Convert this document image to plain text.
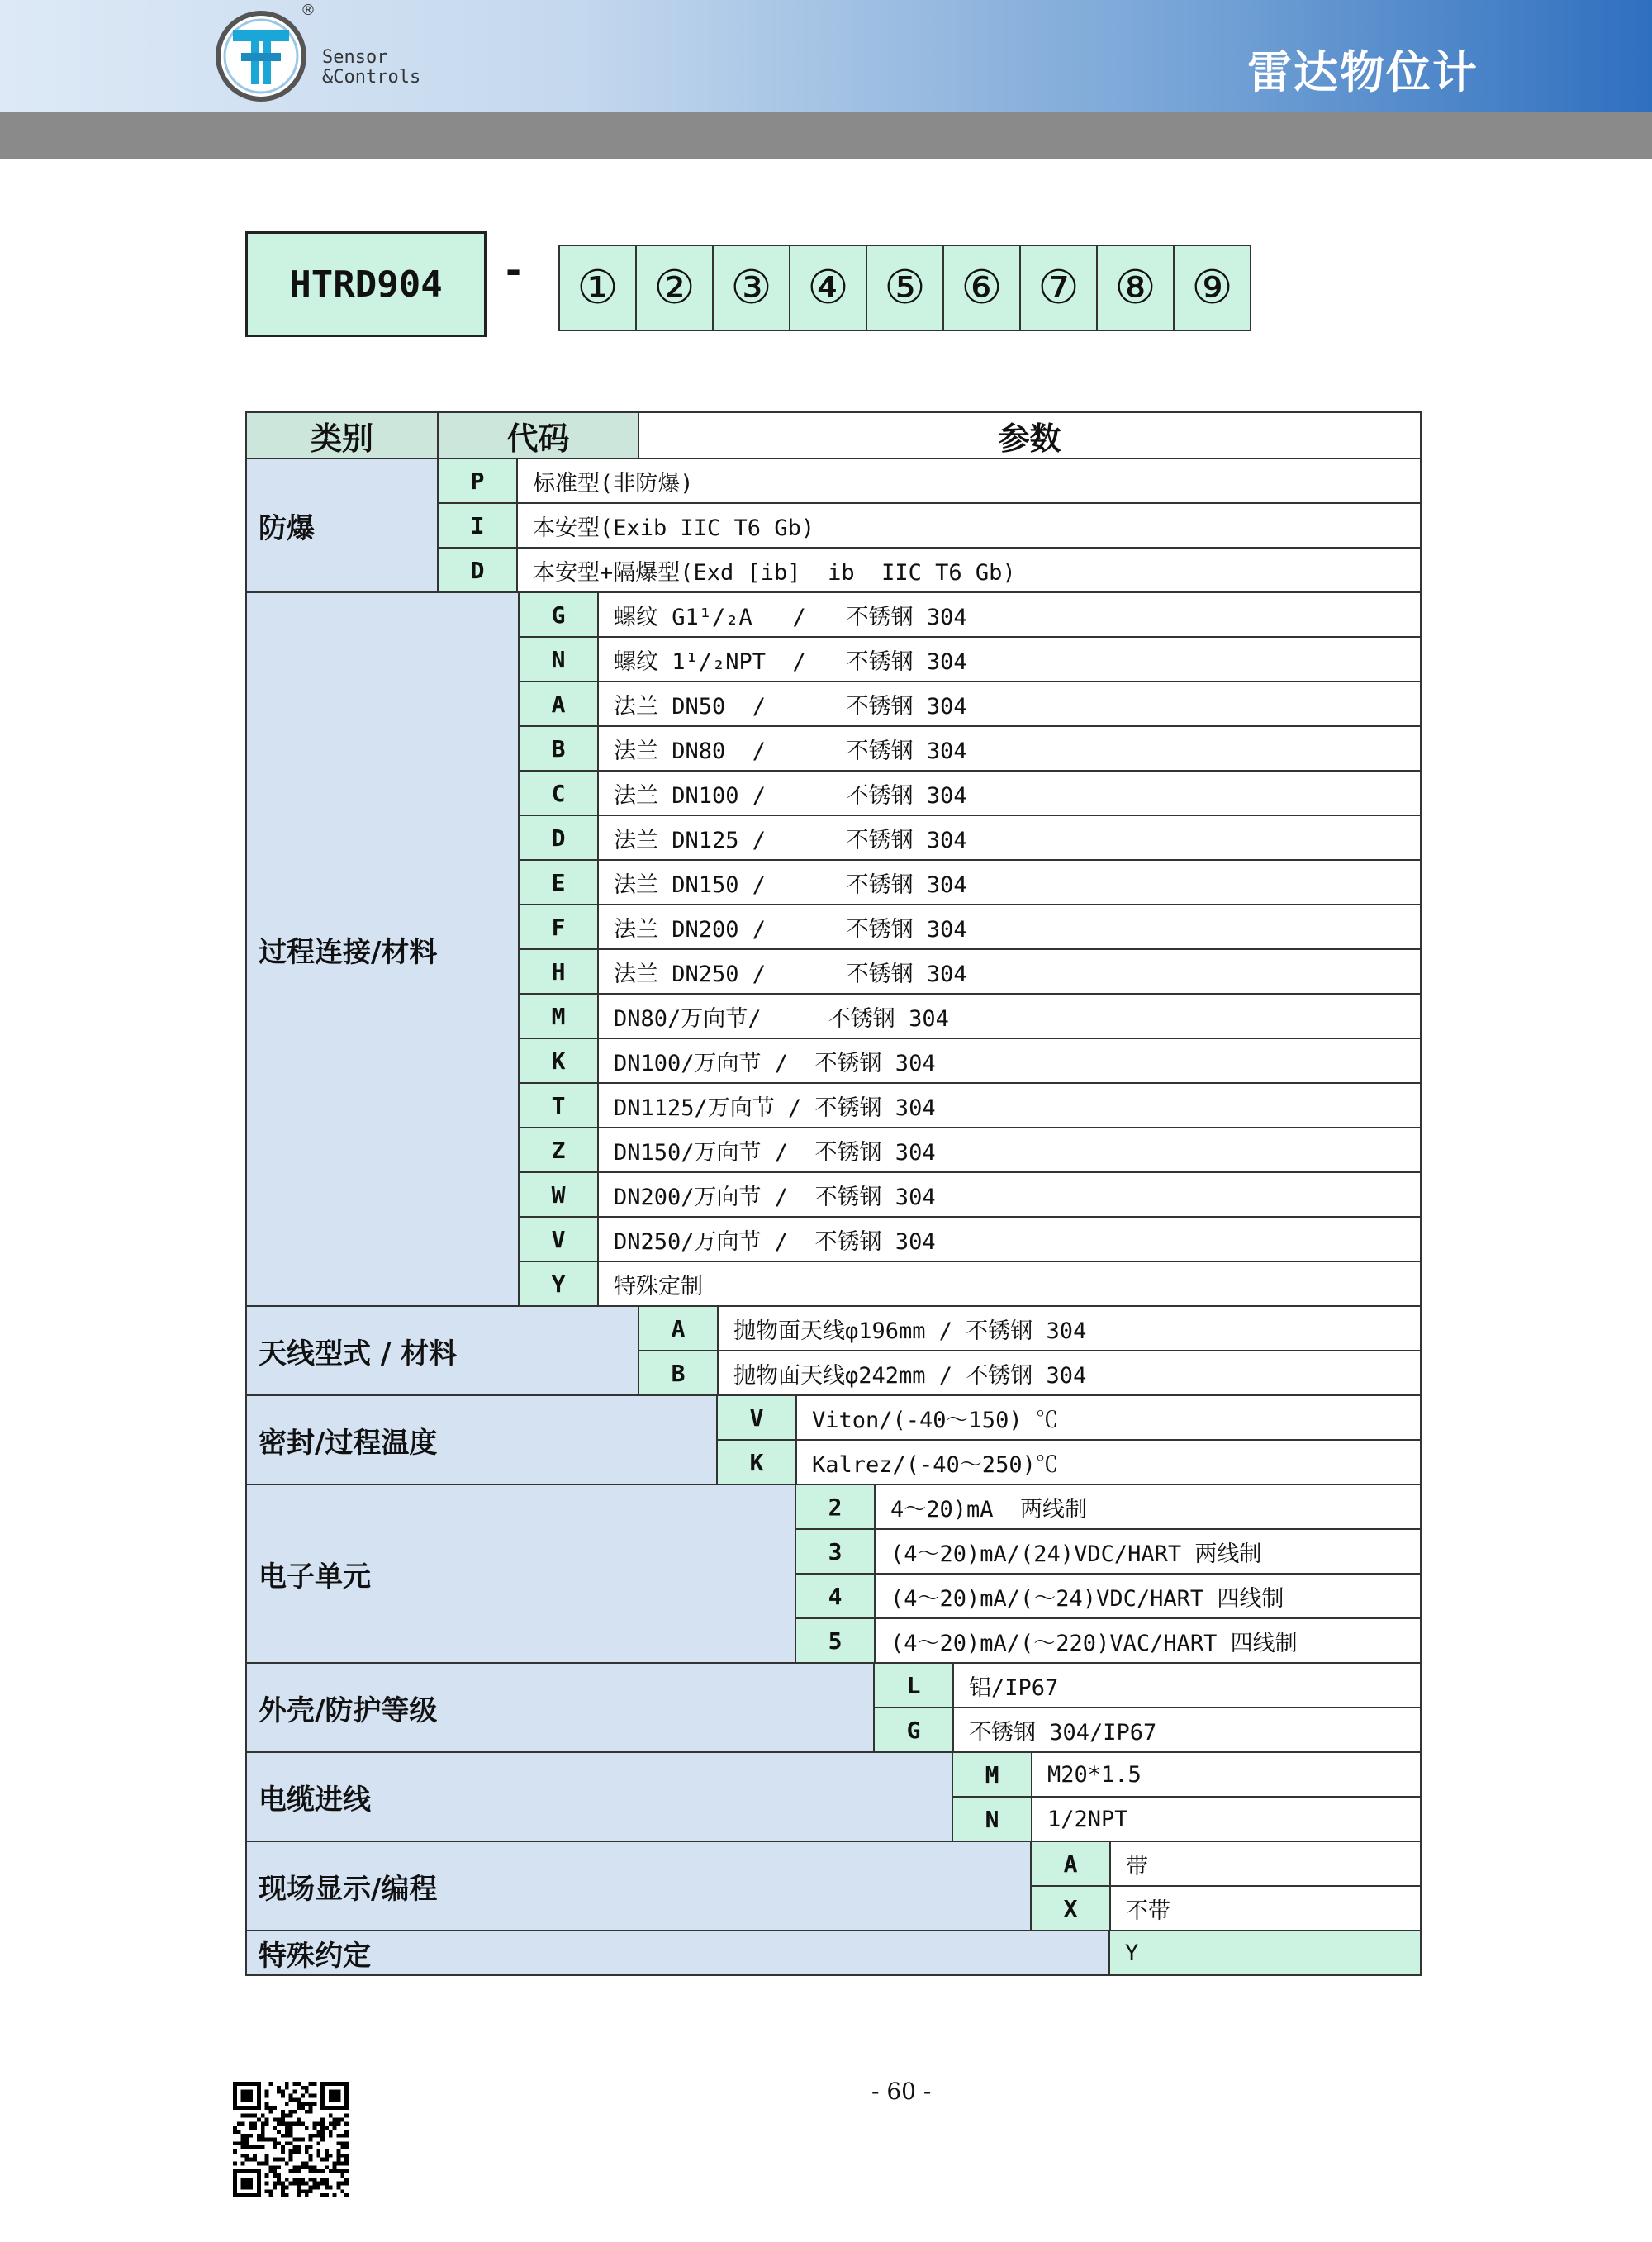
®
Sensor
&Controls	雷达物位计
HTRD904	-	① ② ③ ④ ⑤ ⑥ ⑦ ⑧ ⑨
类别	代码	参数
防爆
P	标准型(非防爆)
I	本安型(Exib IIC T6 Gb)
D	本安型+隔爆型(Exd [ib]  ib  IIC T6 Gb)
过程连接/材料
G	螺纹 G1¹/₂A   /   不锈钢 304
N	螺纹 1¹/₂NPT  /   不锈钢 304
A	法兰 DN50  /      不锈钢 304
B	法兰 DN80  /      不锈钢 304
C	法兰 DN100 /      不锈钢 304
D	法兰 DN125 /      不锈钢 304
E	法兰 DN150 /      不锈钢 304
F	法兰 DN200 /      不锈钢 304
H	法兰 DN250 /      不锈钢 304
M	DN80/万向节/     不锈钢 304
K	DN100/万向节 /  不锈钢 304
T	DN1125/万向节 / 不锈钢 304
Z	DN150/万向节 /  不锈钢 304
W	DN200/万向节 /  不锈钢 304
V	DN250/万向节 /  不锈钢 304
Y	特殊定制
天线型式 / 材料
A	抛物面天线φ196mm / 不锈钢 304
B	抛物面天线φ242mm / 不锈钢 304
密封/过程温度
V	Viton/(-40～150) ℃
K	Kalrez/(-40～250)℃
电子单元
2	4～20)mA  两线制
3	(4～20)mA/(24)VDC/HART 两线制
4	(4～20)mA/(～24)VDC/HART 四线制
5	(4～20)mA/(～220)VAC/HART 四线制
外壳/防护等级
L	铝/IP67
G	不锈钢 304/IP67
电缆进线
M	M20*1.5
N	1/2NPT
现场显示/编程
A	带
X	不带
特殊约定	Y
- 60 -
